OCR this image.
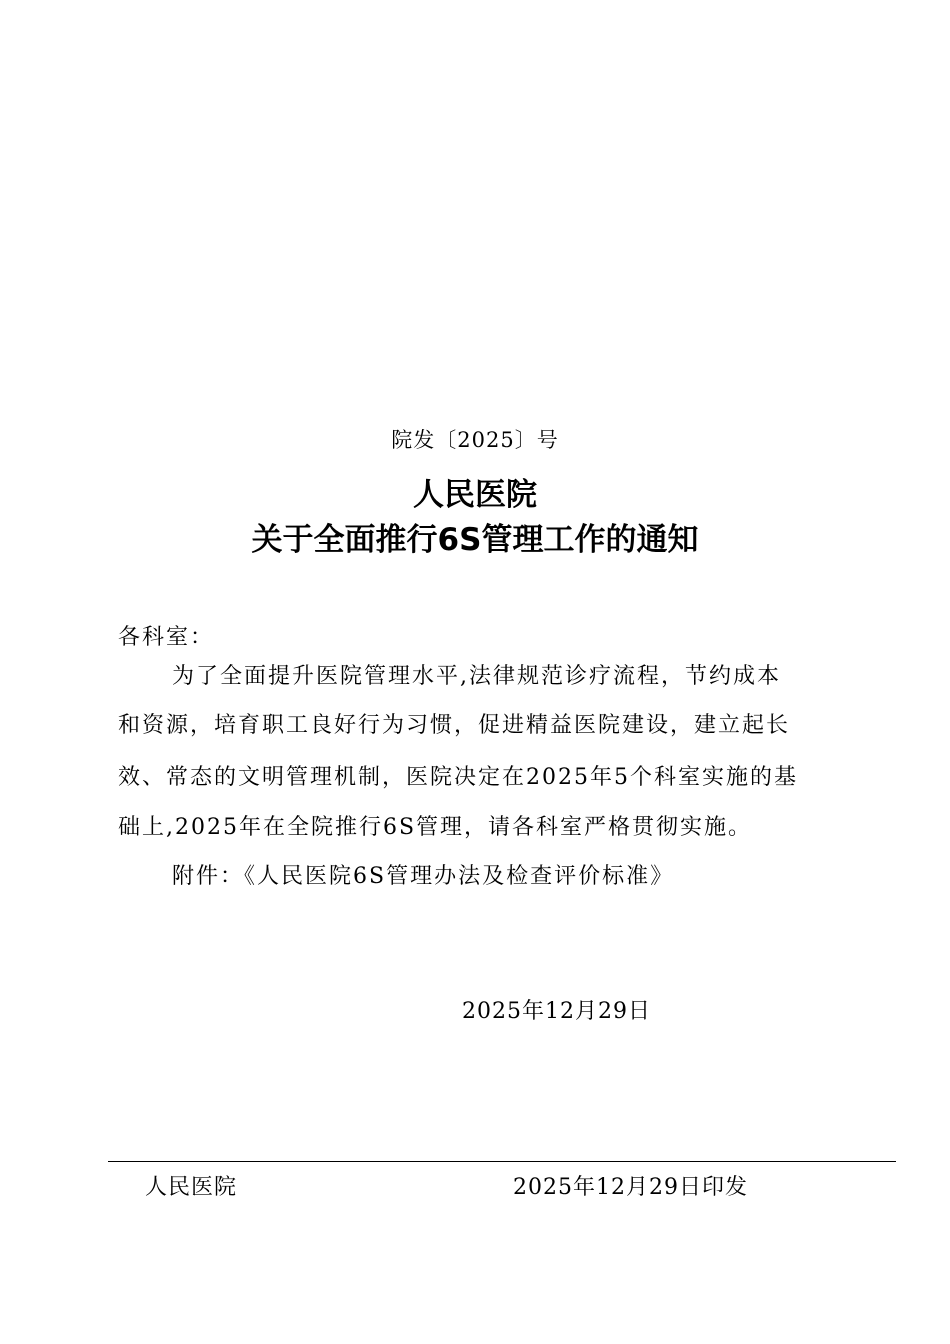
院发〔2025〕号
人民医院
关于全面推行6S管理工作的通知
各科室：
为了全面提升医院管理水平,法律规范诊疗流程，节约成本
和资源，培育职工良好行为习惯，促进精益医院建设，建立起长
效、常态的文明管理机制，医院决定在2025年5个科室实施的基
础上,2025年在全院推行6S管理，请各科室严格贯彻实施。
附件：《人民医院6S管理办法及检查评价标准》
2025年12月29日
人民医院	2025年12月29日印发
